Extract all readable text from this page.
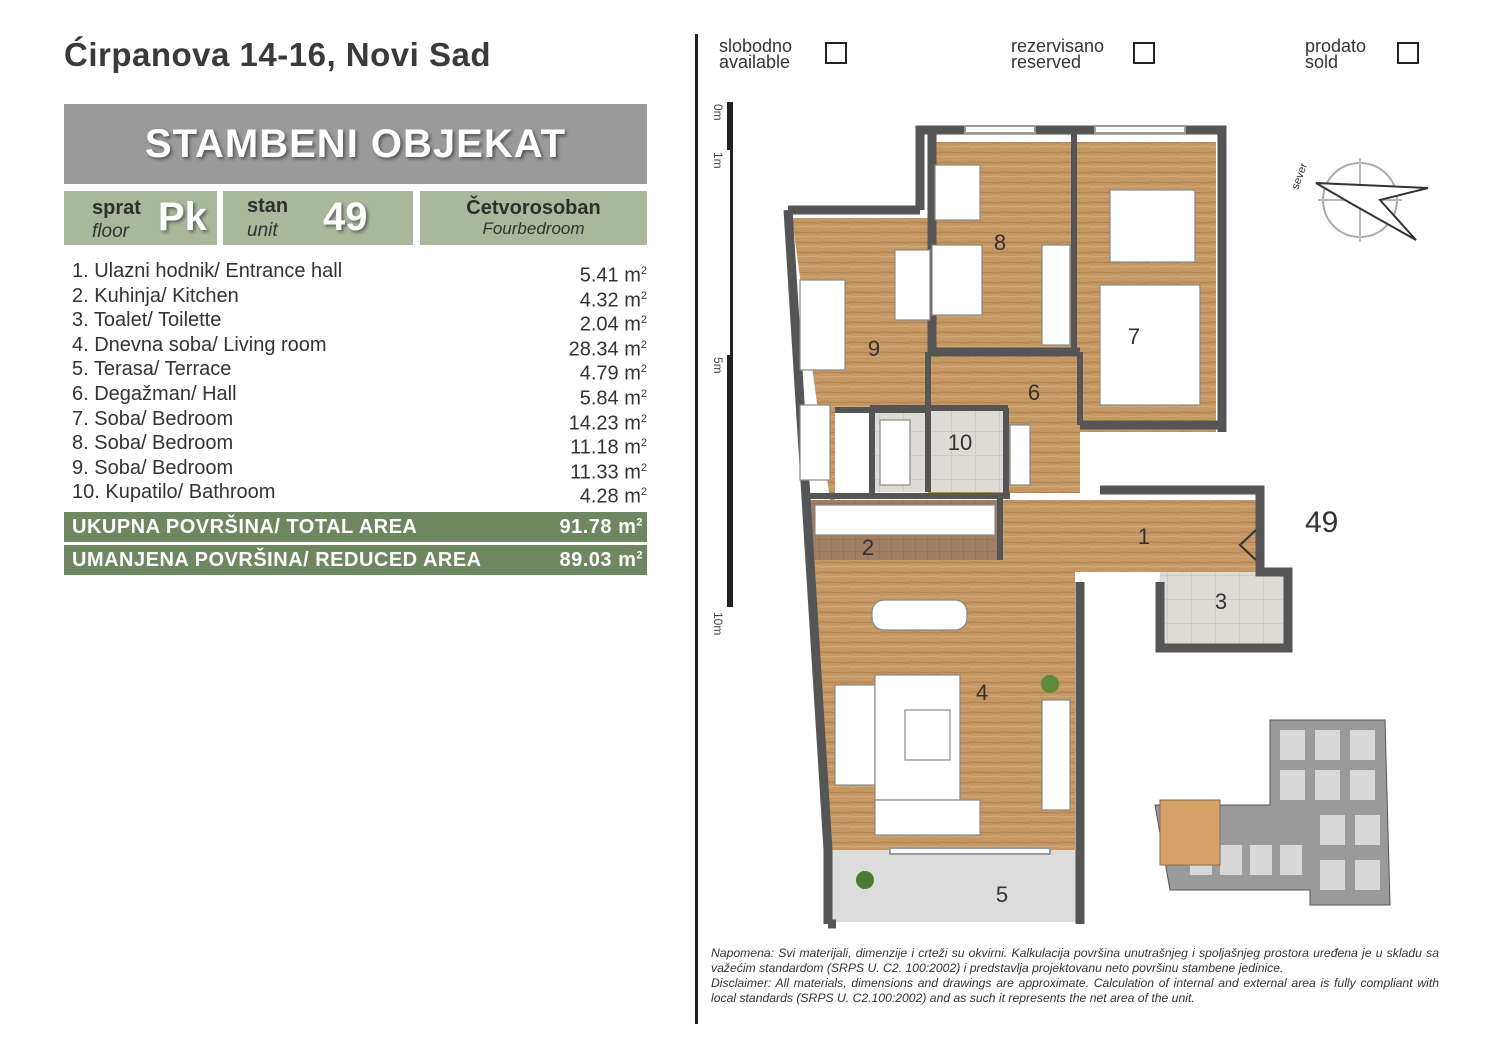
Ćirpanova 14-16, Novi Sad
STAMBENI OBJEKAT
sprat
floor Pk stan
unit 49	Četvorosoban
Fourbedroom
1. Ulazni hodnik/ Entrance hall	5.41 $m^2$
2. Kuhinja/ Kitchen	4.32 $m^2$
3. Toalet/ Toilette	2.04 $m^2$
4. Dnevna soba/ Living room	28.34 $m^2$
5. Terasa/ Terrace	4.79 $m^2$
6. Degažman/ Hall	5.84 $m^2$
7. Soba/ Bedroom	14.23 $m^2$
8. Soba/ Bedroom	11.18 $m^2$
9. Soba/ Bedroom	11.33 $m^2$
10. Kupatilo/ Bathroom	4.28 $m^2$
UKUPNA POVRŠINA/ TOTAL AREA	91.78 $m^2$
UMANJENA POVRŠINA/ REDUCED AREA	89.03 $m^2$
slobodno
available
rezervisano
reserved
prodato
sold
0m
1m
5m
10m
sever
1
2
3
4
5
6
7
8
9
10
49
Napomena: Svi materijali, dimenzije i crteži su okvirni. Kalkulacija površina unutrašnjeg i spoljašnjeg prostora uređena je u skladu sa važećim standardom (SRPS U. C2. 100:2002) i predstavlja projektovanu neto površinu stambene jedinice.
Disclaimer: All materials, dimensions and drawings are approximate. Calculation of internal and external area is fully compliant with local standards (SRPS U. C2.100:2002) and as such it represents the net area of the unit.
